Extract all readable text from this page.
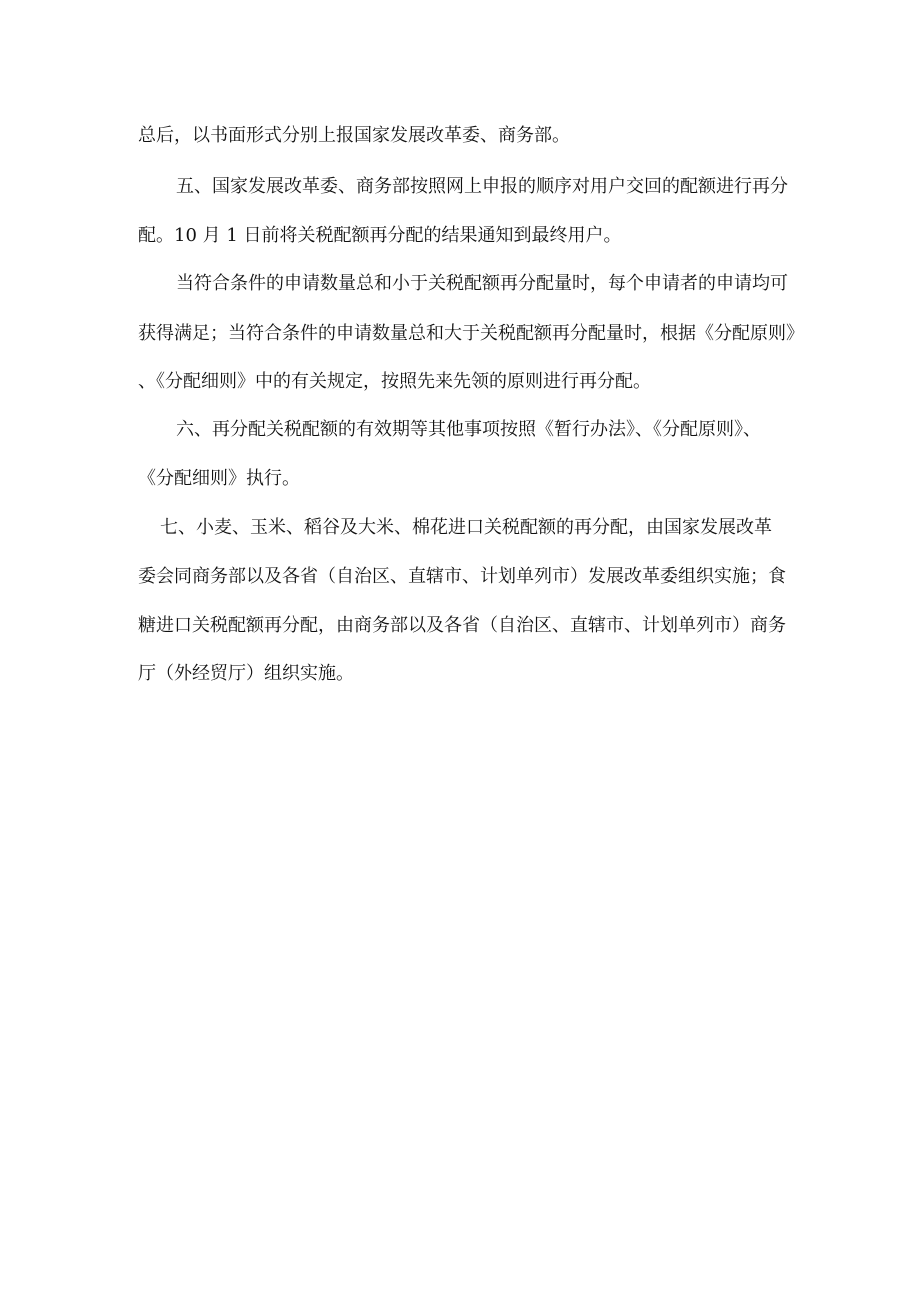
总后，以书面形式分别上报国家发展改革委、商务部。
五、国家发展改革委、商务部按照网上申报的顺序对用户交回的配额进行再分
配。10 月 1 日前将关税配额再分配的结果通知到最终用户。
当符合条件的申请数量总和小于关税配额再分配量时，每个申请者的申请均可
获得满足；当符合条件的申请数量总和大于关税配额再分配量时，根据《分配原则》
、《分配细则》中的有关规定，按照先来先领的原则进行再分配。
六、再分配关税配额的有效期等其他事项按照《暂行办法》、《分配原则》、
《分配细则》执行。
七、小麦、玉米、稻谷及大米、棉花进口关税配额的再分配，由国家发展改革
委会同商务部以及各省（自治区、直辖市、计划单列市）发展改革委组织实施；食
糖进口关税配额再分配，由商务部以及各省（自治区、直辖市、计划单列市）商务
厅（外经贸厅）组织实施。
